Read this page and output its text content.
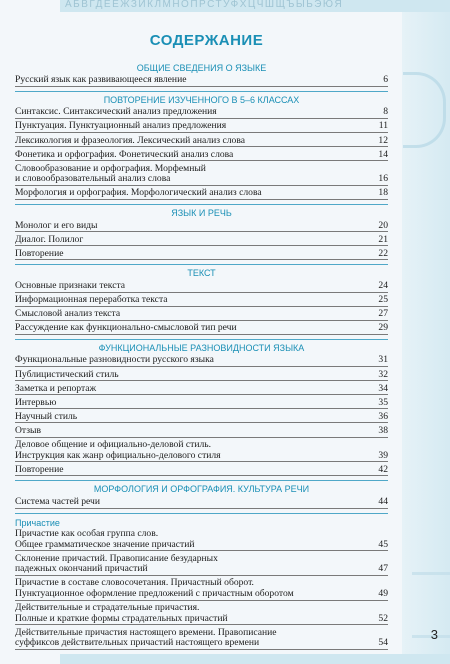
АБВГДЕЁЖЗИКЛМНОПРСТУФХЦЧШЩЪЫЬЭЮЯ
СОДЕРЖАНИЕ
ОБЩИЕ СВЕДЕНИЯ О ЯЗЫКЕ
Русский язык как развивающееся явление	6
ПОВТОРЕНИЕ ИЗУЧЕННОГО В 5–6 КЛАССАХ
Синтаксис. Синтаксический анализ предложения	8
Пунктуация. Пунктуационный анализ предложения	11
Лексикология и фразеология. Лексический анализ слова	12
Фонетика и орфография. Фонетический анализ слова	14
Словообразование и орфография. Морфемный
и словообразовательный анализ слова	16
Морфология и орфография. Морфологический анализ слова	18
ЯЗЫК И РЕЧЬ
Монолог и его виды	20
Диалог. Полилог	21
Повторение	22
ТЕКСТ
Основные признаки текста	24
Информационная переработка текста	25
Смысловой анализ текста	27
Рассуждение как функционально-смысловой тип речи	29
ФУНКЦИОНАЛЬНЫЕ РАЗНОВИДНОСТИ ЯЗЫКА
Функциональные разновидности русского языка	31
Публицистический стиль	32
Заметка и репортаж	34
Интервью	35
Научный стиль	36
Отзыв	38
Деловое общение и официально-деловой стиль.
Инструкция как жанр официально-делового стиля	39
Повторение	42
МОРФОЛОГИЯ И ОРФОГРАФИЯ. КУЛЬТУРА РЕЧИ
Система частей речи	44
Причастие
Причастие как особая группа слов.
Общее грамматическое значение причастий	45
Склонение причастий. Правописание безударных
падежных окончаний причастий	47
Причастие в составе словосочетания. Причастный оборот.
Пунктуационное оформление предложений с причастным оборотом	49
Действительные и страдательные причастия.
Полные и краткие формы страдательных причастий	52
Действительные причастия настоящего времени. Правописание
суффиксов действительных причастий настоящего времени	54
3
